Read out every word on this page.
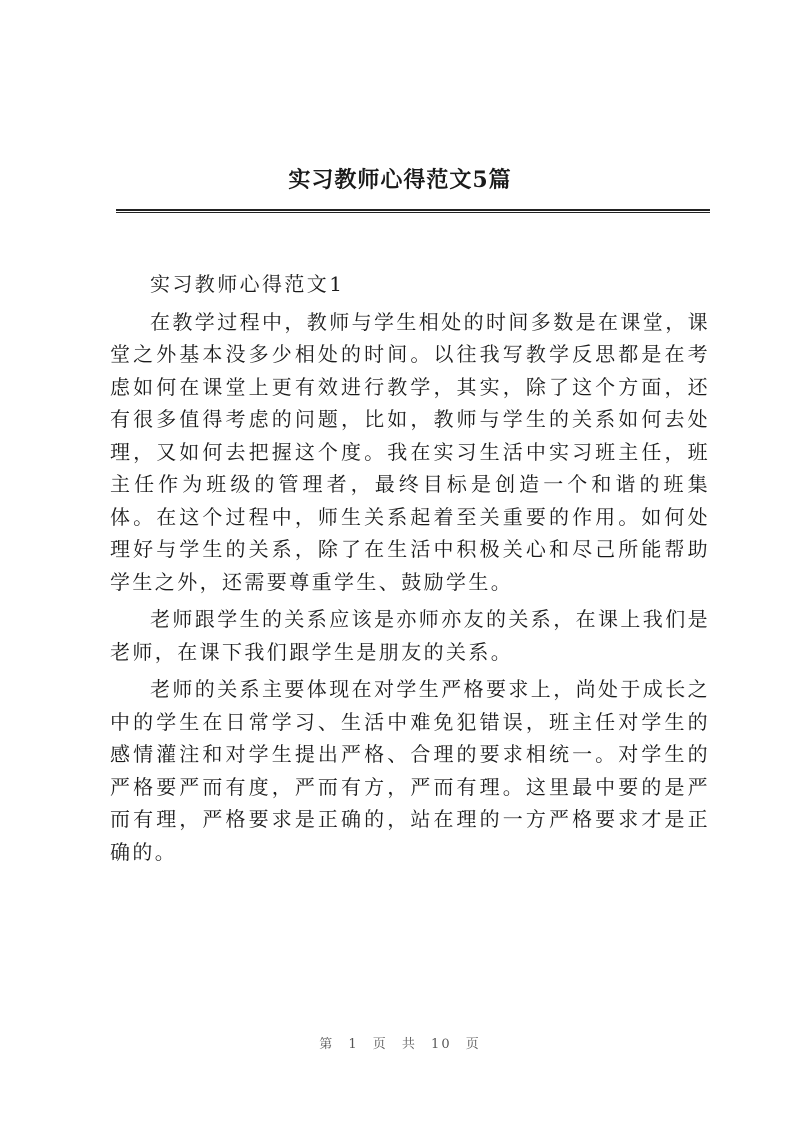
实习教师心得范文5篇

实习教师心得范文1

在教学过程中，教师与学生相处的时间多数是在课堂，课堂之外基本没多少相处的时间。以往我写教学反思都是在考虑如何在课堂上更有效进行教学，其实，除了这个方面，还有很多值得考虑的问题，比如，教师与学生的关系如何去处理，又如何去把握这个度。我在实习生活中实习班主任，班主任作为班级的管理者，最终目标是创造一个和谐的班集体。在这个过程中，师生关系起着至关重要的作用。如何处理好与学生的关系，除了在生活中积极关心和尽己所能帮助学生之外，还需要尊重学生、鼓励学生。

老师跟学生的关系应该是亦师亦友的关系，在课上我们是老师，在课下我们跟学生是朋友的关系。

老师的关系主要体现在对学生严格要求上，尚处于成长之中的学生在日常学习、生活中难免犯错误，班主任对学生的感情灌注和对学生提出严格、合理的要求相统一。对学生的严格要严而有度，严而有方，严而有理。这里最中要的是严而有理，严格要求是正确的，站在理的一方严格要求才是正确的。

第 1 页 共 10 页
